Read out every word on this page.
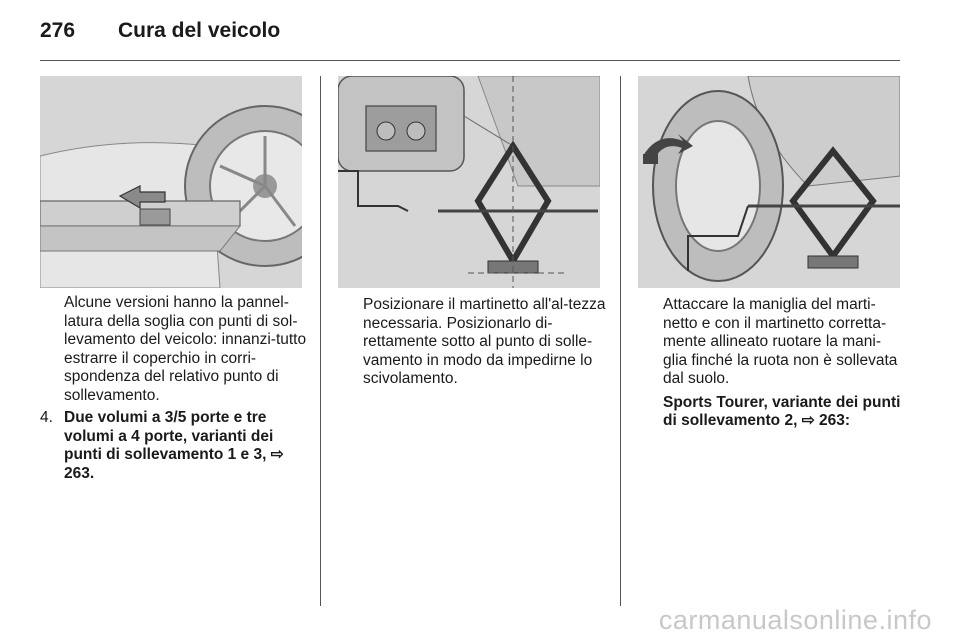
276 Cura del veicolo

Alcune versioni hanno la pannel-latura della soglia con punti di sol-levamento del veicolo: innanzi-tutto estrarre il coperchio in corri-spondenza del relativo punto di sollevamento.

4. Due volumi a 3/5 porte e tre volumi a 4 porte, varianti dei punti di sollevamento 1 e 3, ⇨ 263.

Posizionare il martinetto all'al-tezza necessaria. Posizionarlo di-rettamente sotto al punto di solle-vamento in modo da impedirne lo scivolamento.

Attaccare la maniglia del marti-netto e con il martinetto corretta-mente allineato ruotare la mani-glia finché la ruota non è sollevata dal suolo.

Sports Tourer, variante dei punti di sollevamento 2, ⇨ 263:

carmanualsonline.info
